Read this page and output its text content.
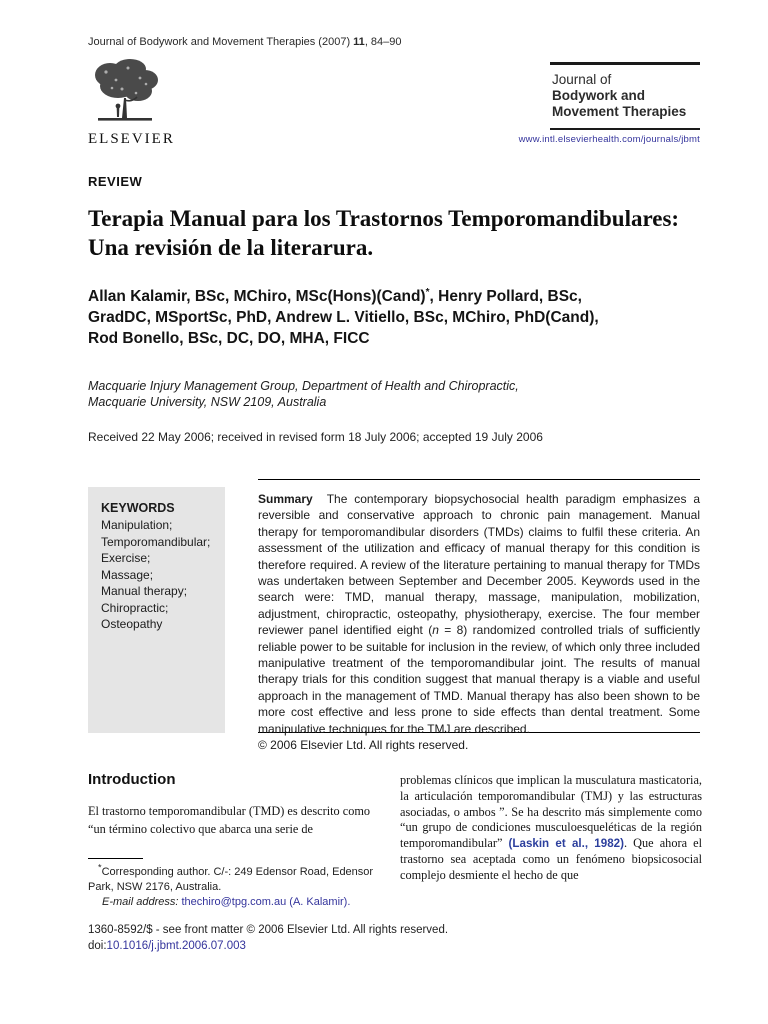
Journal of Bodywork and Movement Therapies (2007) 11, 84–90
ELSEVIER
Journal of
Bodywork and
Movement Therapies
www.intl.elsevierhealth.com/journals/jbmt
REVIEW
Terapia Manual para los Trastornos Temporomandibulares:
Una revisión de la literarura.
Allan Kalamir, BSc, MChiro, MSc(Hons)(Cand)*, Henry Pollard, BSc,
GradDC, MSportSc, PhD, Andrew L. Vitiello, BSc, MChiro, PhD(Cand),
Rod Bonello, BSc, DC, DO, MHA, FICC
Macquarie Injury Management Group, Department of Health and Chiropractic,
Macquarie University, NSW 2109, Australia
Received 22 May 2006; received in revised form 18 July 2006; accepted 19 July 2006
KEYWORDS
Manipulation;
Temporomandibular;
Exercise;
Massage;
Manual therapy;
Chiropractic;
Osteopathy

Summary The contemporary biopsychosocial health paradigm emphasizes a reversible and conservative approach to chronic pain management. Manual therapy for temporomandibular disorders (TMDs) claims to fulfil these criteria. An assessment of the utilization and efficacy of manual therapy for this condition is therefore required. A review of the literature pertaining to manual therapy for TMDs was undertaken between September and December 2005. Keywords used in the search were: TMD, manual therapy, massage, manipulation, mobilization, adjustment, chiropractic, osteopathy, physiotherapy, exercise. The four member reviewer panel identified eight (n = 8) randomized controlled trials of sufficiently reliable power to be suitable for inclusion in the review, of which only three included manipulative treatment of the temporomandibular joint. The results of manual therapy trials for this condition suggest that manual therapy is a viable and useful approach in the management of TMD. Manual therapy has also been shown to be more cost effective and less prone to side effects than dental treatment. Some manipulative techniques for the TMJ are described.

© 2006 Elsevier Ltd. All rights reserved.
Introduction

El trastorno temporomandibular (TMD) es descrito como “un término colectivo que abarca una serie de

*Corresponding author. C/-: 249 Edensor Road, Edensor Park, NSW 2176, Australia.

E-mail address: thechiro@tpg.com.au (A. Kalamir).

problemas clínicos que implican la musculatura masticatoria, la articulación temporomandibular (TMJ) y las estructuras asociadas, o ambos ”. Se ha descrito más simplemente como “un grupo de condiciones musculoesqueléticas de la región temporomandibular” (Laskin et al., 1982). Que ahora el trastorno sea aceptada como un fenómeno biopsicosocial complejo desmiente el hecho de que

1360-8592/$ - see front matter © 2006 Elsevier Ltd. All rights reserved.
doi:10.1016/j.jbmt.2006.07.003
